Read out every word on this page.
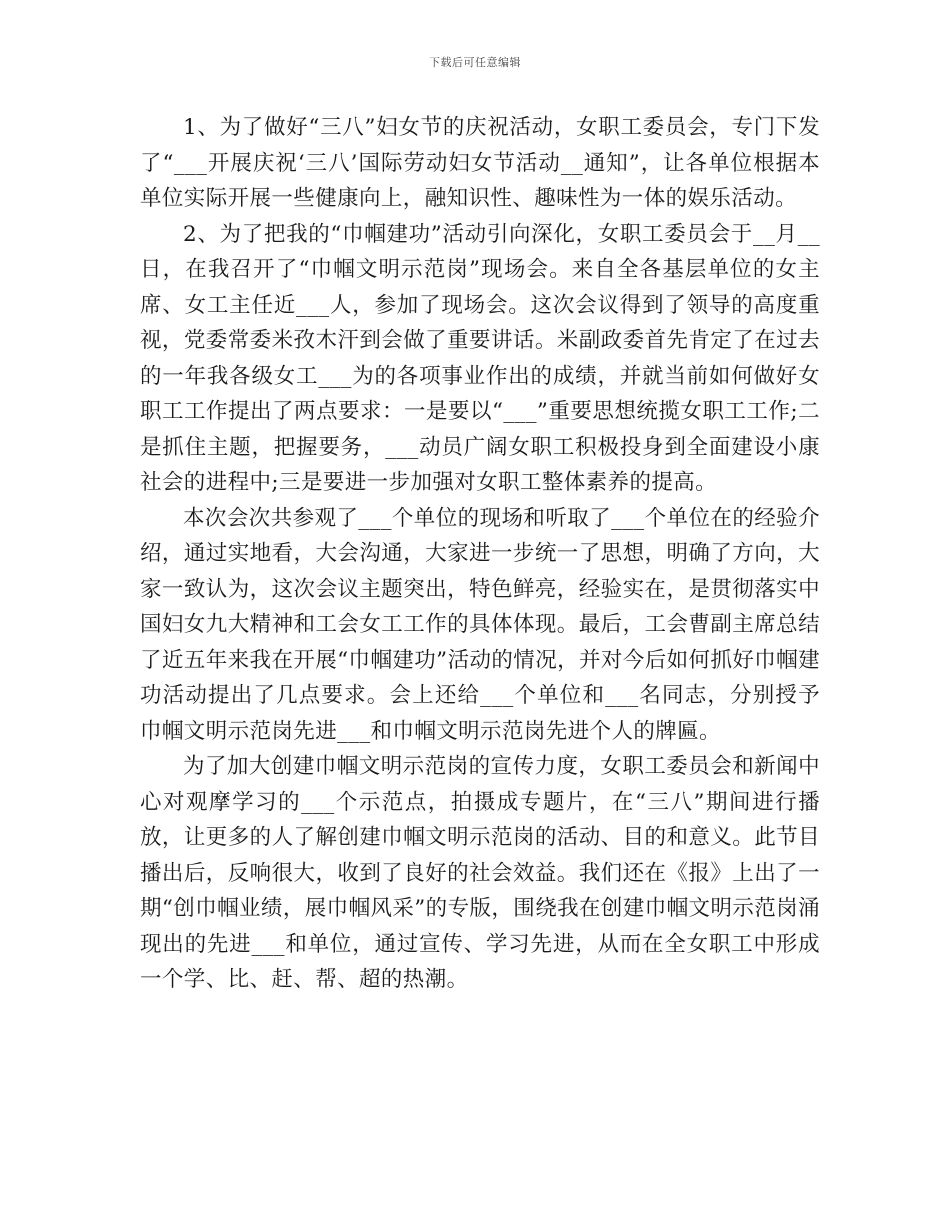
下载后可任意编辑

1、为了做好“三八”妇女节的庆祝活动，女职工委员会，专门下发了“___开展庆祝‘三八’国际劳动妇女节活动__通知”，让各单位根据本单位实际开展一些健康向上，融知识性、趣味性为一体的娱乐活动。

2、为了把我的“巾帼建功”活动引向深化，女职工委员会于__月__日，在我召开了“巾帼文明示范岗”现场会。来自全各基层单位的女主席、女工主任近___人，参加了现场会。这次会议得到了领导的高度重视，党委常委米孜木汗到会做了重要讲话。米副政委首先肯定了在过去的一年我各级女工___为的各项事业作出的成绩，并就当前如何做好女职工工作提出了两点要求：一是要以“___”重要思想统揽女职工工作;二是抓住主题，把握要务，___动员广阔女职工积极投身到全面建设小康社会的进程中;三是要进一步加强对女职工整体素养的提高。

本次会次共参观了___个单位的现场和听取了___个单位在的经验介绍，通过实地看，大会沟通，大家进一步统一了思想，明确了方向，大家一致认为，这次会议主题突出，特色鲜亮，经验实在，是贯彻落实中国妇女九大精神和工会女工工作的具体体现。最后，工会曹副主席总结了近五年来我在开展“巾帼建功”活动的情况，并对今后如何抓好巾帼建功活动提出了几点要求。会上还给___个单位和___名同志，分别授予巾帼文明示范岗先进___和巾帼文明示范岗先进个人的牌匾。

为了加大创建巾帼文明示范岗的宣传力度，女职工委员会和新闻中心对观摩学习的___个示范点，拍摄成专题片，在“三八”期间进行播放，让更多的人了解创建巾帼文明示范岗的活动、目的和意义。此节目播出后，反响很大，收到了良好的社会效益。我们还在《报》上出了一期“创巾帼业绩，展巾帼风采”的专版，围绕我在创建巾帼文明示范岗涌现出的先进___和单位，通过宣传、学习先进，从而在全女职工中形成一个学、比、赶、帮、超的热潮。
